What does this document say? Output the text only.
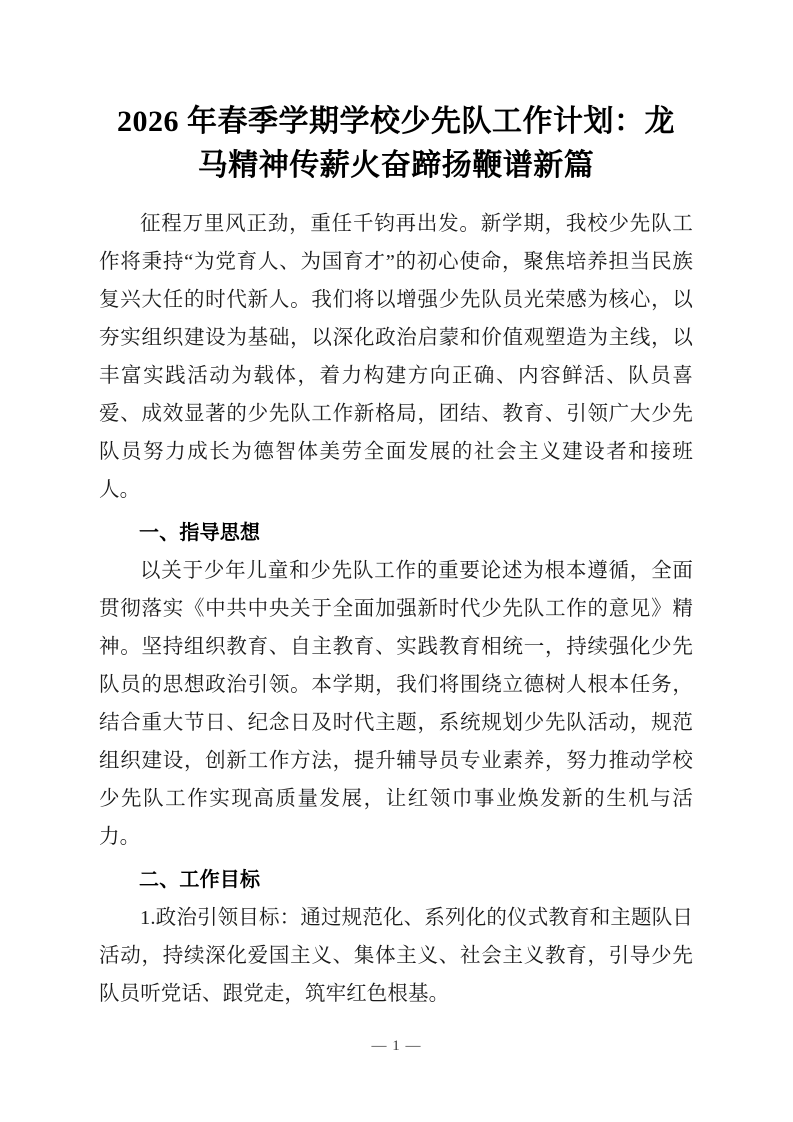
2026 年春季学期学校少先队工作计划：龙 马精神传薪火奋蹄扬鞭谱新篇

征程万里风正劲，重任千钧再出发。新学期，我校少先队工作将秉持“为党育人、为国育才”的初心使命，聚焦培养担当民族复兴大任的时代新人。我们将以增强少先队员光荣感为核心，以夯实组织建设为基础，以深化政治启蒙和价值观塑造为主线，以丰富实践活动为载体，着力构建方向正确、内容鲜活、队员喜爱、成效显著的少先队工作新格局，团结、教育、引领广大少先队员努力成长为德智体美劳全面发展的社会主义建设者和接班人。

一、指导思想

以关于少年儿童和少先队工作的重要论述为根本遵循，全面贯彻落实《中共中央关于全面加强新时代少先队工作的意见》精神。坚持组织教育、自主教育、实践教育相统一，持续强化少先队员的思想政治引领。本学期，我们将围绕立德树人根本任务，结合重大节日、纪念日及时代主题，系统规划少先队活动，规范组织建设，创新工作方法，提升辅导员专业素养，努力推动学校少先队工作实现高质量发展，让红领巾事业焕发新的生机与活力。

二、工作目标

1.政治引领目标：通过规范化、系列化的仪式教育和主题队日活动，持续深化爱国主义、集体主义、社会主义教育，引导少先队员听党话、跟党走，筑牢红色根基。

— 1 —
